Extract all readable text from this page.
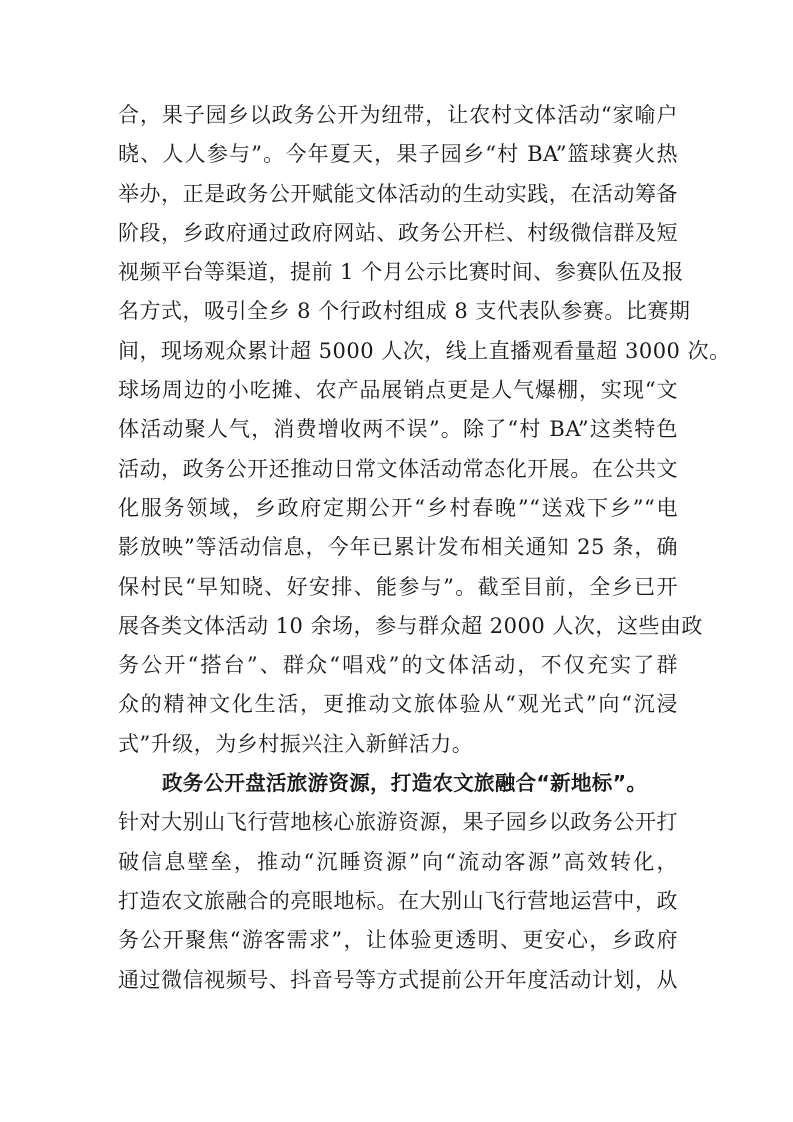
合，果子园乡以政务公开为纽带，让农村文体活动“家喻户
晓、人人参与”。今年夏天，果子园乡“村 BA”篮球赛火热
举办，正是政务公开赋能文体活动的生动实践，在活动筹备
阶段，乡政府通过政府网站、政务公开栏、村级微信群及短
视频平台等渠道，提前 1 个月公示比赛时间、参赛队伍及报
名方式，吸引全乡 8 个行政村组成 8 支代表队参赛。比赛期
间，现场观众累计超 5000 人次，线上直播观看量超 3000 次。
球场周边的小吃摊、农产品展销点更是人气爆棚，实现“文
体活动聚人气，消费增收两不误”。除了“村 BA”这类特色
活动，政务公开还推动日常文体活动常态化开展。在公共文
化服务领域，乡政府定期公开“乡村春晚”“送戏下乡”“电
影放映”等活动信息，今年已累计发布相关通知 25 条，确
保村民“早知晓、好安排、能参与”。截至目前，全乡已开
展各类文体活动 10 余场，参与群众超 2000 人次，这些由政
务公开“搭台”、群众“唱戏”的文体活动，不仅充实了群
众的精神文化生活，更推动文旅体验从“观光式”向“沉浸
式”升级，为乡村振兴注入新鲜活力。
政务公开盘活旅游资源，打造农文旅融合“新地标”。
针对大别山飞行营地核心旅游资源，果子园乡以政务公开打
破信息壁垒，推动“沉睡资源”向“流动客源”高效转化，
打造农文旅融合的亮眼地标。在大别山飞行营地运营中，政
务公开聚焦“游客需求”，让体验更透明、更安心，乡政府
通过微信视频号、抖音号等方式提前公开年度活动计划，从
